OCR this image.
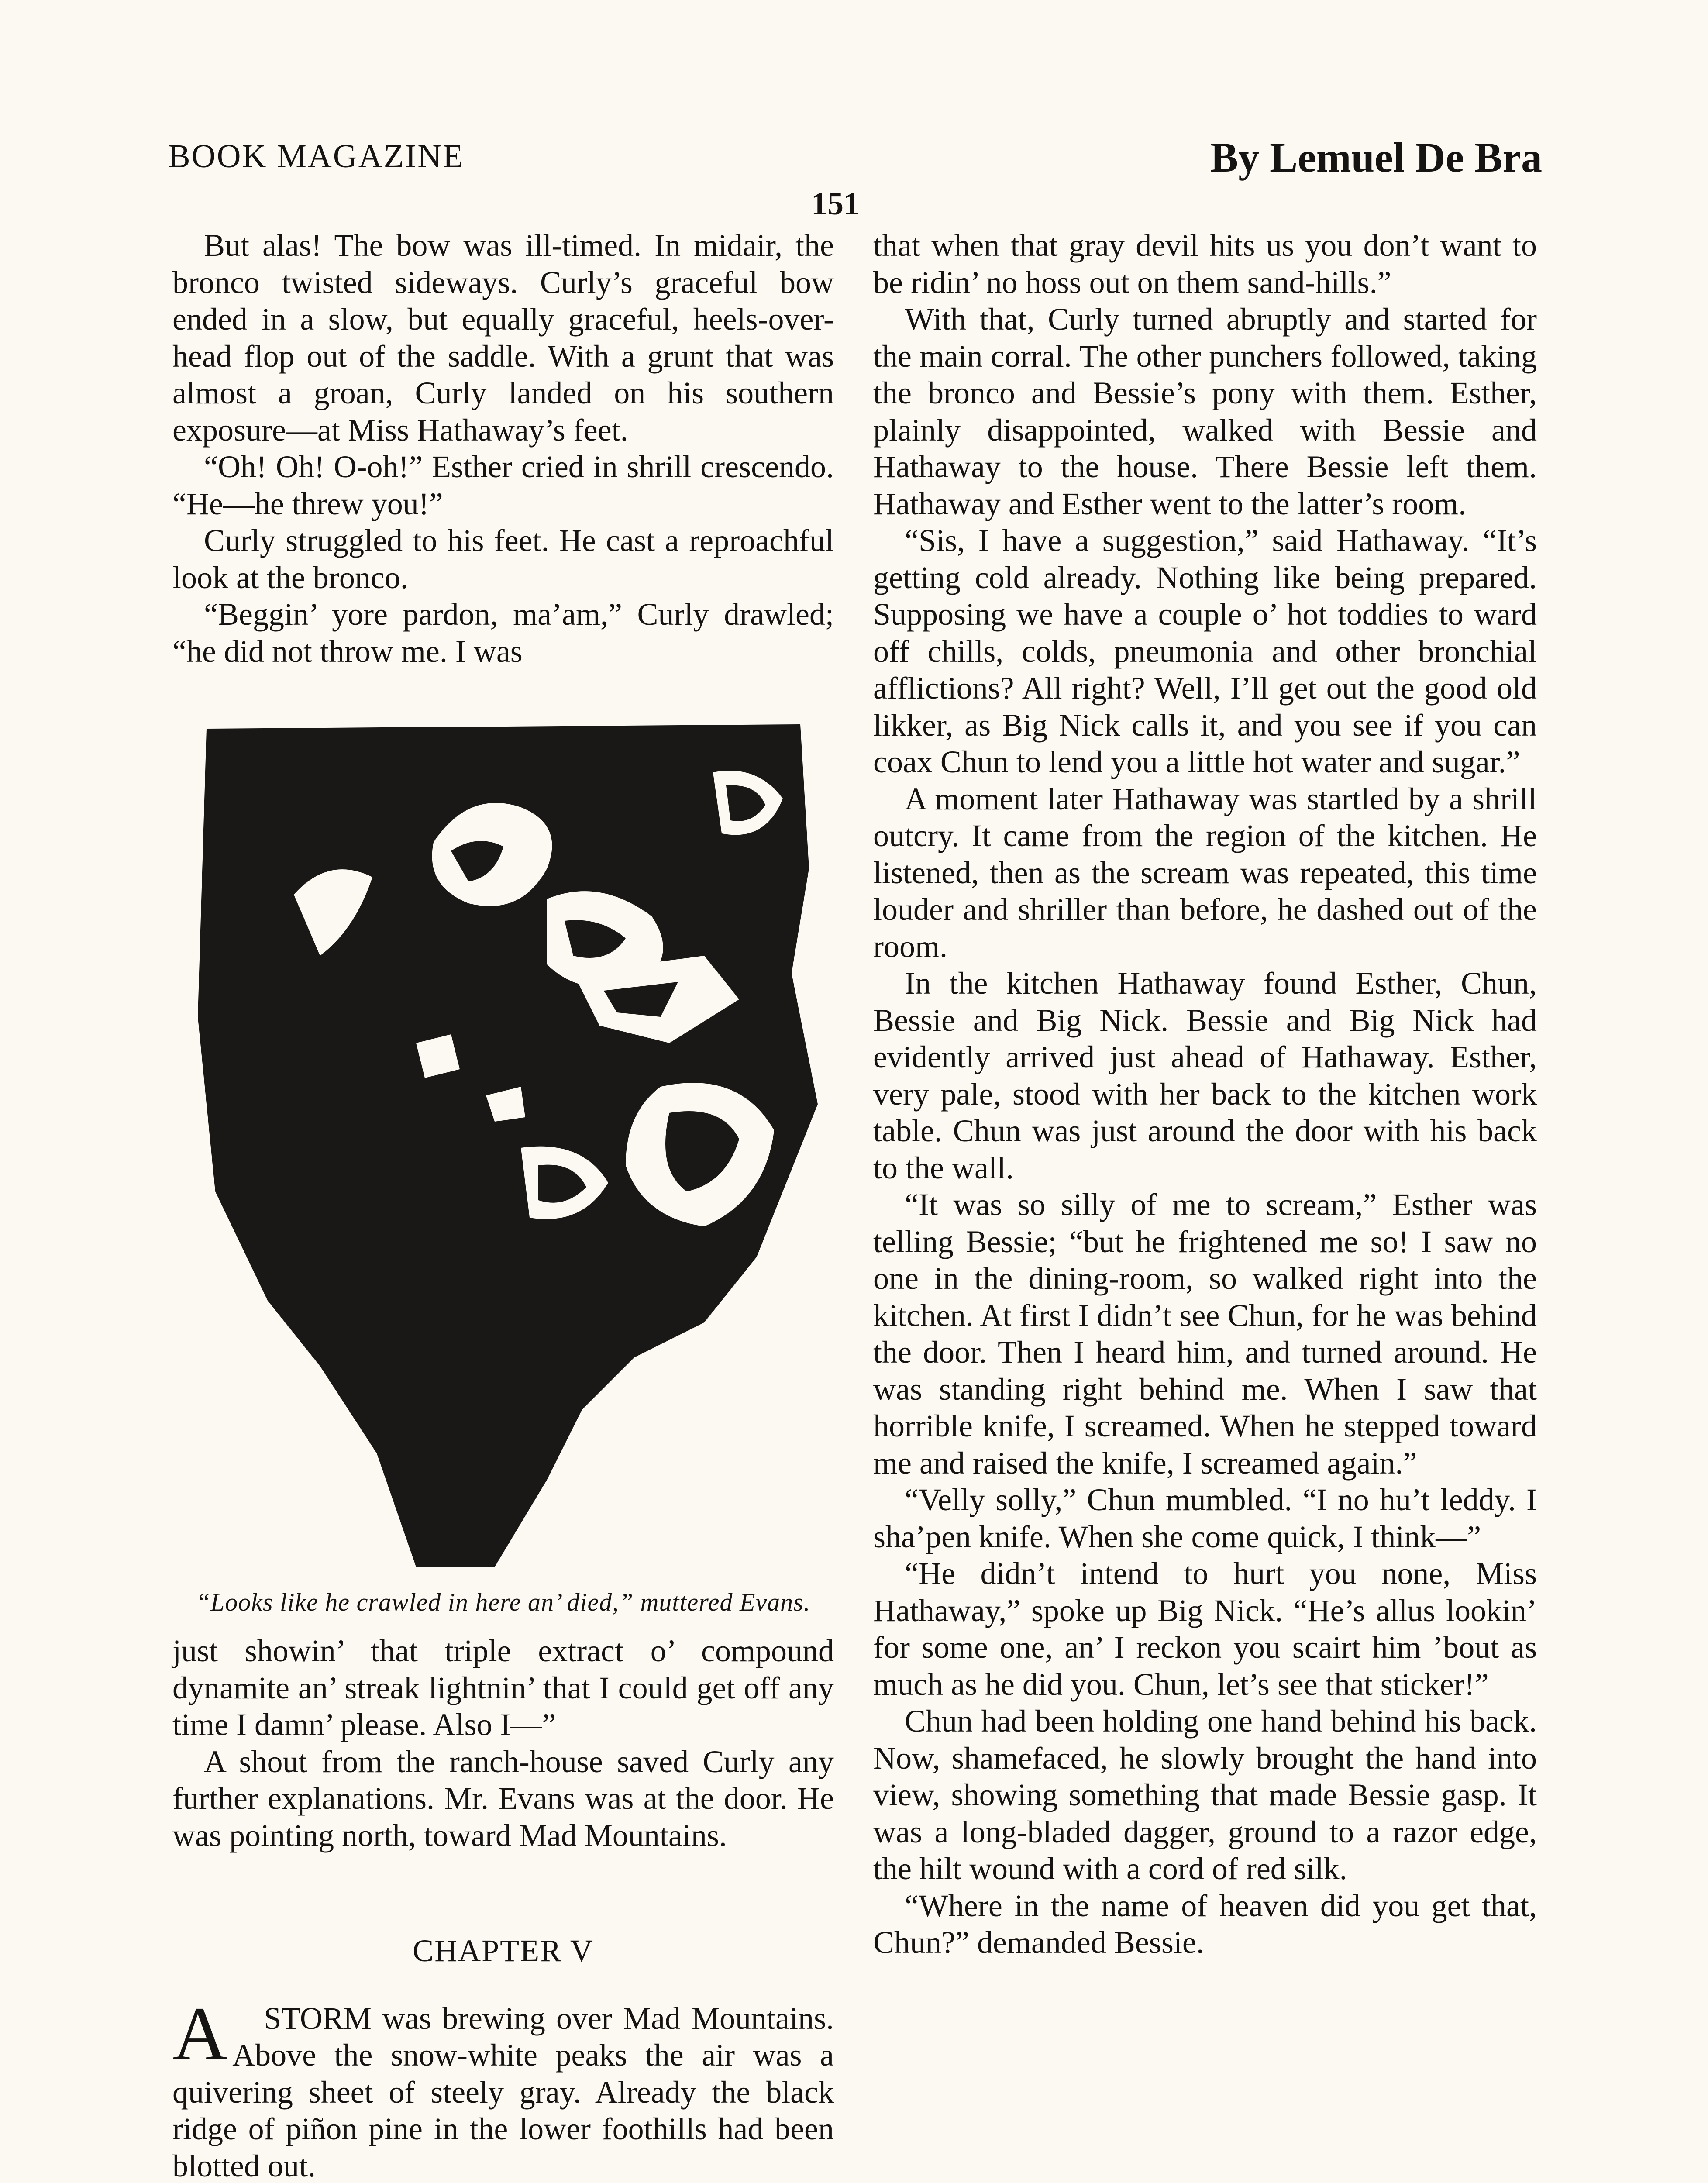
BOOK MAGAZINE	By Lemuel De Bra
151

But alas! The bow was ill-timed. In midair, the bronco twisted sideways. Curly’s graceful bow ended in a slow, but equally graceful, heels-over-head flop out of the saddle. With a grunt that was almost a groan, Curly landed on his southern exposure—at Miss Hathaway’s feet.

“Oh! Oh! O-oh!” Esther cried in shrill crescendo. “He—he threw you!”

Curly struggled to his feet. He cast a reproachful look at the bronco.

“Beggin’ yore pardon, ma’am,” Curly drawled; “he did not throw me. I was

“Looks like he crawled in here an’ died,” muttered Evans.

just showin’ that triple extract o’ compound dynamite an’ streak lightnin’ that I could get off any time I damn’ please. Also I—”

A shout from the ranch-house saved Curly any further explanations. Mr. Evans was at the door. He was pointing north, toward Mad Mountains.

CHAPTER V

A STORM was brewing over Mad Mountains. Above the snow-white peaks the air was a quivering sheet of steely gray. Already the black ridge of piñon pine in the lower foothills had been blotted out.

that when that gray devil hits us you don’t want to be ridin’ no hoss out on them sand-hills.”

With that, Curly turned abruptly and started for the main corral. The other punchers followed, taking the bronco and Bessie’s pony with them. Esther, plainly disappointed, walked with Bessie and Hathaway to the house. There Bessie left them. Hathaway and Esther went to the latter’s room.

“Sis, I have a suggestion,” said Hathaway. “It’s getting cold already. Nothing like being prepared. Supposing we have a couple o’ hot toddies to ward off chills, colds, pneumonia and other bronchial afflictions? All right? Well, I’ll get out the good old likker, as Big Nick calls it, and you see if you can coax Chun to lend you a little hot water and sugar.”

A moment later Hathaway was startled by a shrill outcry. It came from the region of the kitchen. He listened, then as the scream was repeated, this time louder and shriller than before, he dashed out of the room.

In the kitchen Hathaway found Esther, Chun, Bessie and Big Nick. Bessie and Big Nick had evidently arrived just ahead of Hathaway. Esther, very pale, stood with her back to the kitchen work table. Chun was just around the door with his back to the wall.

“It was so silly of me to scream,” Esther was telling Bessie; “but he frightened me so! I saw no one in the dining-room, so walked right into the kitchen. At first I didn’t see Chun, for he was behind the door. Then I heard him, and turned around. He was standing right behind me. When I saw that horrible knife, I screamed. When he stepped toward me and raised the knife, I screamed again.”

“Velly solly,” Chun mumbled. “I no hu’t leddy. I sha’pen knife. When she come quick, I think—”

“He didn’t intend to hurt you none, Miss Hathaway,” spoke up Big Nick. “He’s allus lookin’ for some one, an’ I reckon you scairt him ’bout as much as he did you. Chun, let’s see that sticker!”

Chun had been holding one hand behind his back. Now, shamefaced, he slowly brought the hand into view, showing something that made Bessie gasp. It was a long-bladed dagger, ground to a razor edge, the hilt wound with a cord of red silk.

“Where in the name of heaven did you get that, Chun?” demanded Bessie.
